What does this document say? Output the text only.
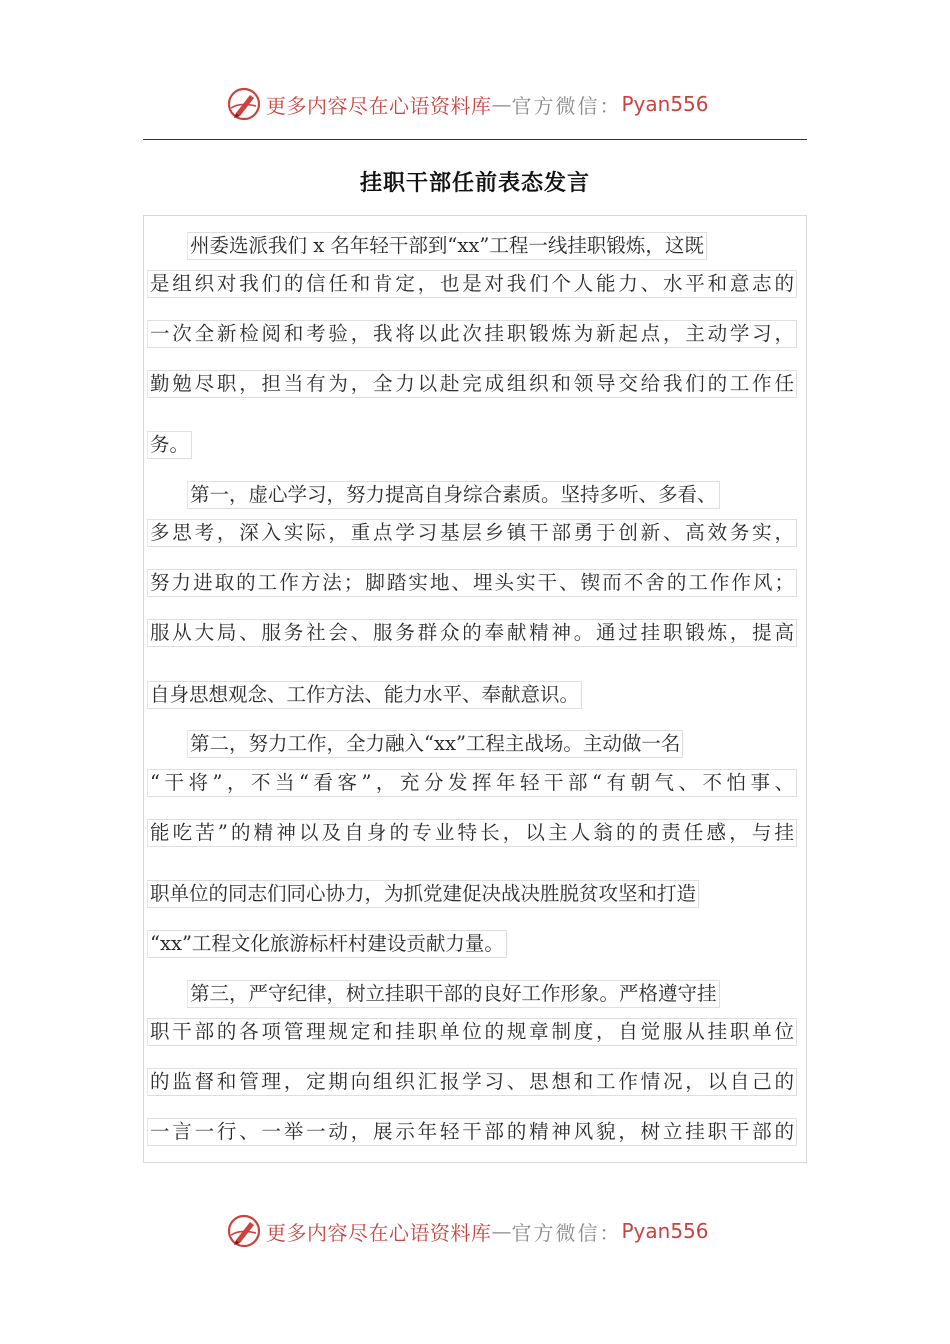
更多内容尽在心语资料库 — 官方微信： Pyan556
挂职干部任前表态发言
州委选派我们 x 名年轻干部到“xx”工程一线挂职锻炼，这既
是组织对我们的信任和肯定，也是对我们个人能力、水平和意志的
一次全新检阅和考验，我将以此次挂职锻炼为新起点，主动学习，
勤勉尽职，担当有为，全力以赴完成组织和领导交给我们的工作任
务。
第一，虚心学习，努力提高自身综合素质。坚持多听、多看、
多思考，深入实际，重点学习基层乡镇干部勇于创新、高效务实，
努力进取的工作方法；脚踏实地、埋头实干、锲而不舍的工作作风；
服从大局、服务社会、服务群众的奉献精神。通过挂职锻炼，提高
自身思想观念、工作方法、能力水平、奉献意识。
第二，努力工作，全力融入“xx”工程主战场。主动做一名
“干将”，不当“看客”，充分发挥年轻干部“有朝气、不怕事、
能吃苦”的精神以及自身的专业特长，以主人翁的的责任感，与挂
职单位的同志们同心协力，为抓党建促决战决胜脱贫攻坚和打造
“xx”工程文化旅游标杆村建设贡献力量。
第三，严守纪律，树立挂职干部的良好工作形象。严格遵守挂
职干部的各项管理规定和挂职单位的规章制度，自觉服从挂职单位
的监督和管理，定期向组织汇报学习、思想和工作情况，以自己的
一言一行、一举一动，展示年轻干部的精神风貌，树立挂职干部的
更多内容尽在心语资料库 — 官方微信： Pyan556
